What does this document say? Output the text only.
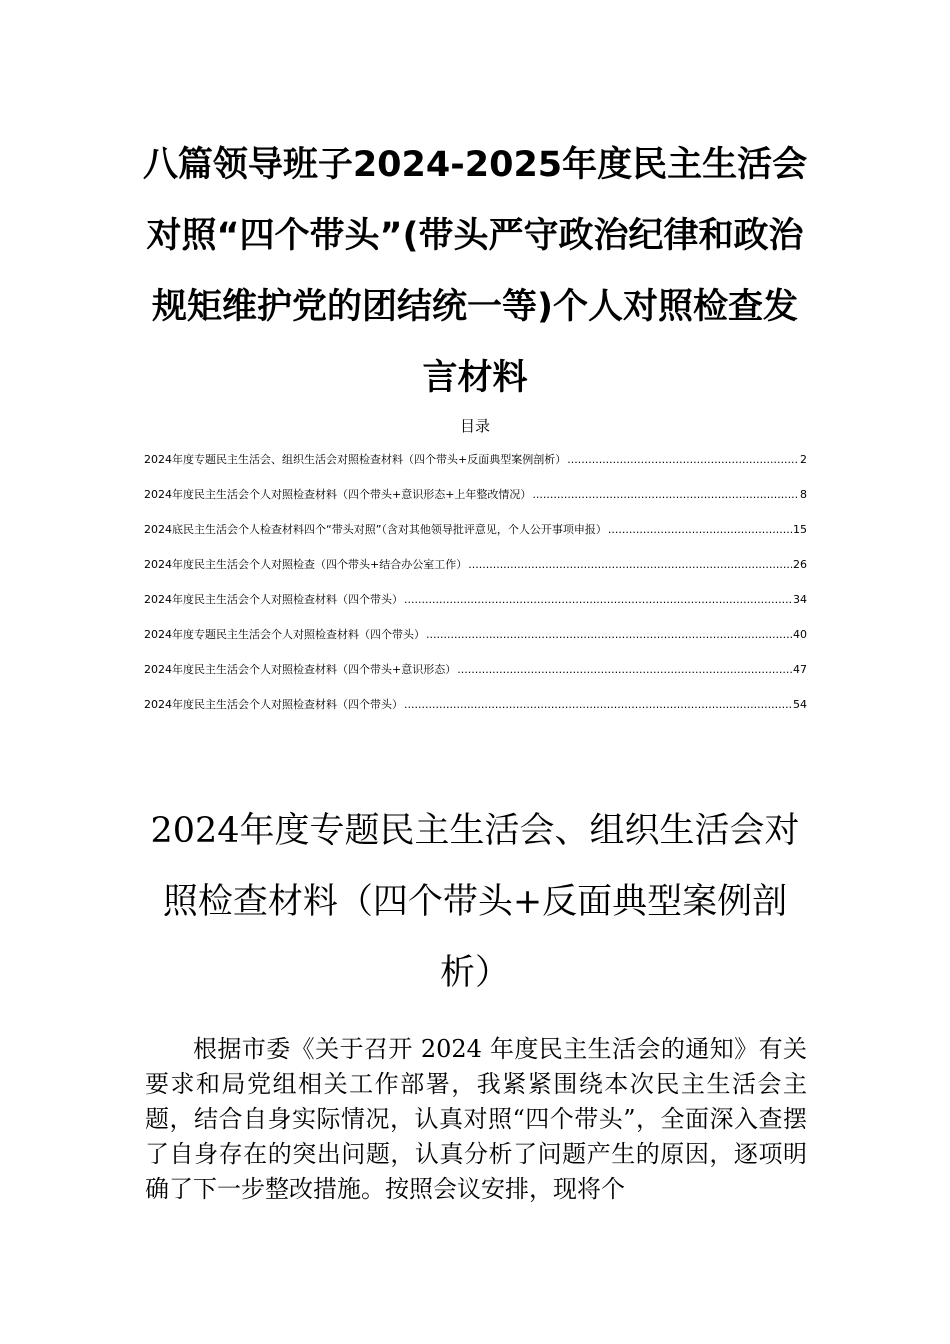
八篇领导班子2024-2025年度民主生活会对照“四个带头”(带头严守政治纪律和政治规矩维护党的团结统一等)个人对照检查发言材料
目录
2024年度专题民主生活会、组织生活会对照检查材料（四个带头+反面典型案例剖析） .....	2
2024年度民主生活会个人对照检查材料（四个带头+意识形态+上年整改情况） .....	8
2024底民主生活会个人检查材料四个“带头对照”（含对其他领导批评意见，个人公开事项申报） .....	15
2024年度民主生活会个人对照检查（四个带头+结合办公室工作） .....	26
2024年度民主生活会个人对照检查材料（四个带头） .....	34
2024年度专题民主生活会个人对照检查材料（四个带头） .....	40
2024年度民主生活会个人对照检查材料（四个带头+意识形态） .....	47
2024年度民主生活会个人对照检查材料（四个带头） .....	54
2024年度专题民主生活会、组织生活会对照检查材料（四个带头+反面典型案例剖析）

根据市委《关于召开 2024 年度民主生活会的通知》有关要求和局党组相关工作部署，我紧紧围绕本次民主生活会主题，结合自身实际情况，认真对照“四个带头”，全面深入查摆了自身存在的突出问题，认真分析了问题产生的原因，逐项明确了下一步整改措施。按照会议安排，现将个
